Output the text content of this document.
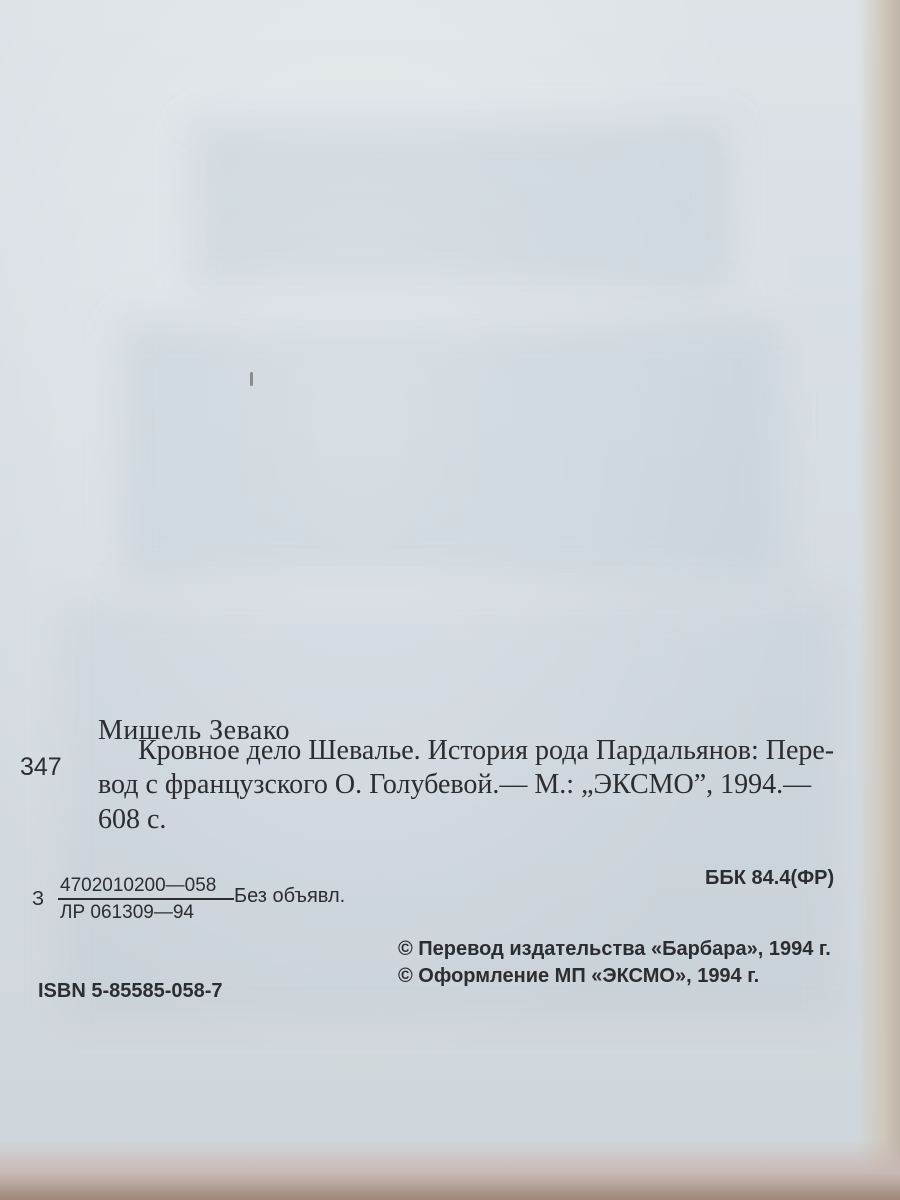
Мишель Зевако
347
Кровное дело Шевалье. История рода Пардальянов: Пере-
вод с французского О. Голубевой.— М.: „ЭКСМО”, 1994.—
608 с.
З
4702010200—058
ЛР 061309—94
Без объявл.
ББК 84.4(ФР)
© Перевод издательства «Барбара», 1994 г.
© Оформление МП «ЭКСМО», 1994 г.
ISBN 5-85585-058-7
